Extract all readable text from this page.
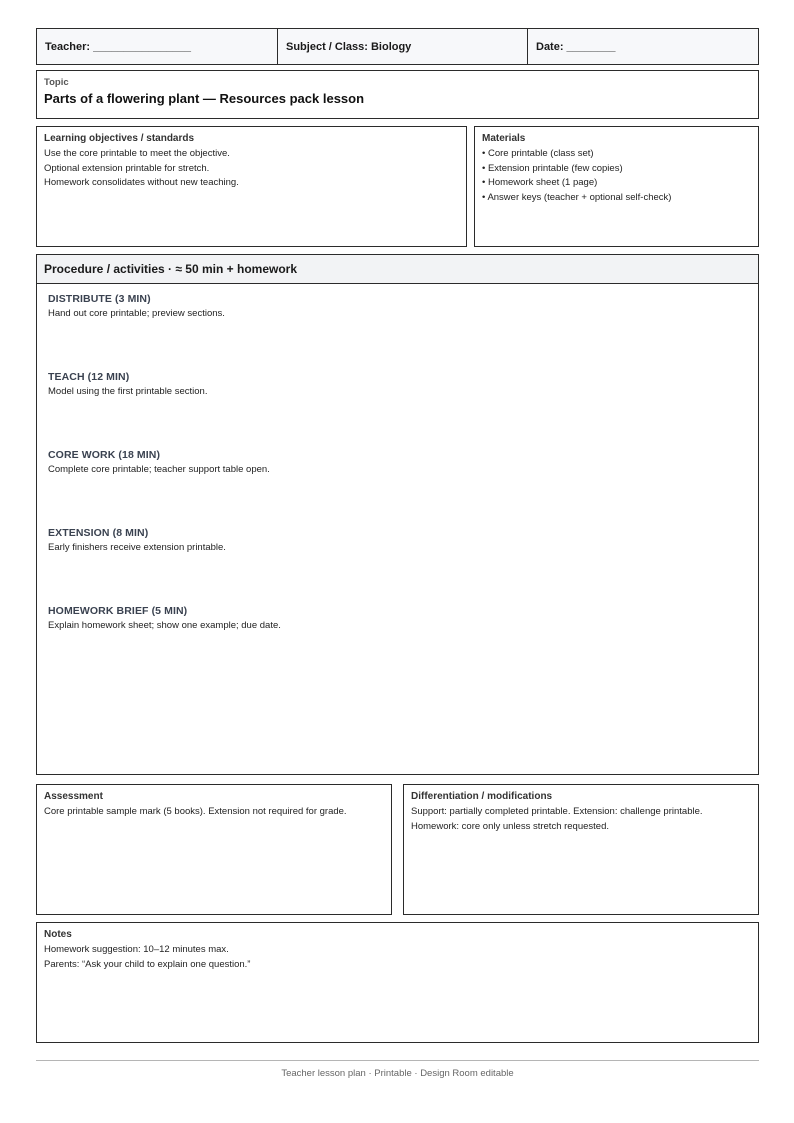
Teacher: ________________	Subject / Class: Biology	Date: ________
Topic
Parts of a flowering plant — Resources pack lesson
Learning objectives / standards
Use the core printable to meet the objective.
Optional extension printable for stretch.
Homework consolidates without new teaching.
Materials
• Core printable (class set)
• Extension printable (few copies)
• Homework sheet (1 page)
• Answer keys (teacher + optional self-check)
Procedure / activities · ≈ 50 min + homework
DISTRIBUTE (3 MIN)
Hand out core printable; preview sections.
TEACH (12 MIN)
Model using the first printable section.
CORE WORK (18 MIN)
Complete core printable; teacher support table open.
EXTENSION (8 MIN)
Early finishers receive extension printable.
HOMEWORK BRIEF (5 MIN)
Explain homework sheet; show one example; due date.
Assessment
Core printable sample mark (5 books). Extension not required for grade.
Differentiation / modifications
Support: partially completed printable. Extension: challenge printable.
Homework: core only unless stretch requested.
Notes
Homework suggestion: 10–12 minutes max.
Parents: “Ask your child to explain one question.”
Teacher lesson plan · Printable · Design Room editable
